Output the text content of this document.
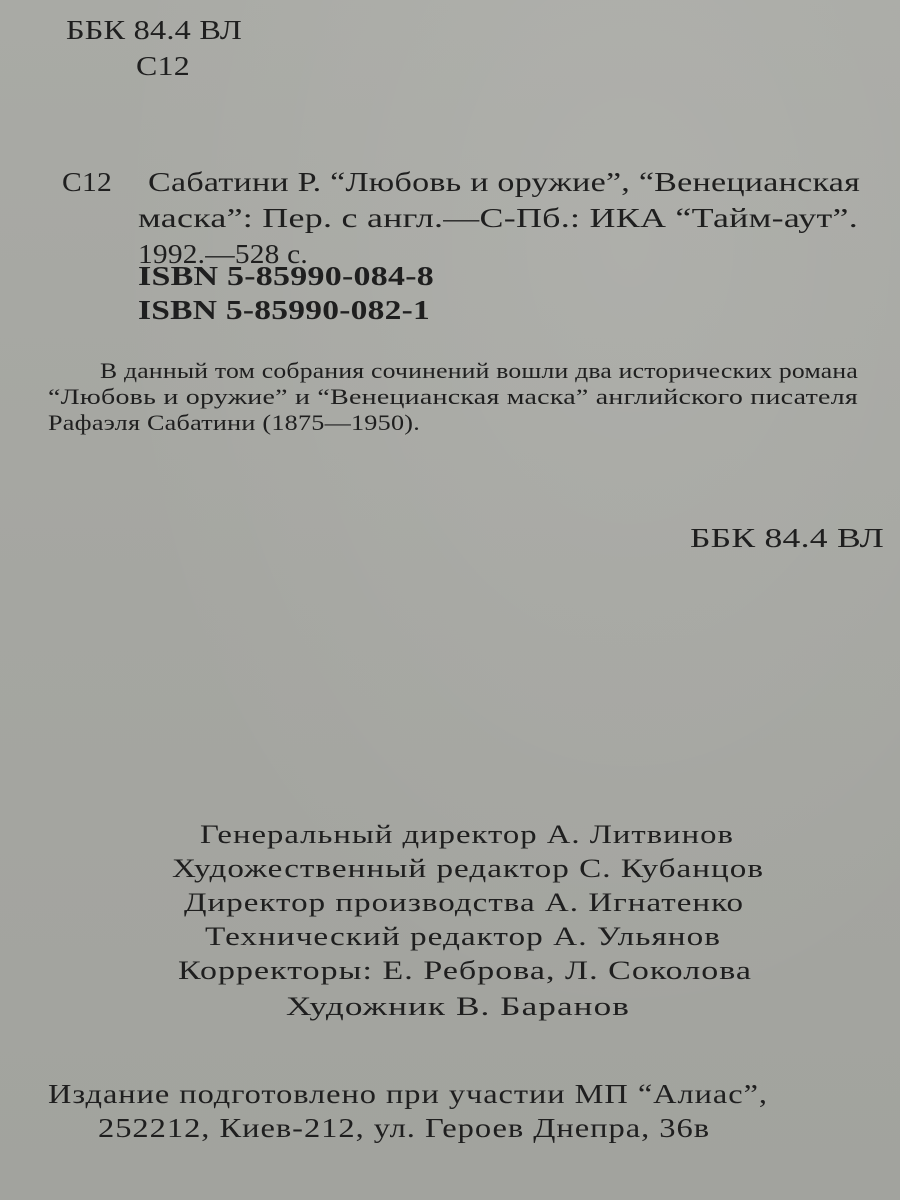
ББК 84.4 ВЛ
С12
С12 Сабатини Р. “Любовь и оружие”, “Венецианская
маска”: Пер. с англ.—С-Пб.: ИКА “Тайм-аут”.
1992.—528 с.
ISBN 5-85990-084-8
ISBN 5-85990-082-1
В данный том собрания сочинений вошли два исторических романа
“Любовь и оружие” и “Венецианская маска” английского писателя
Рафаэля Сабатини (1875—1950).
ББК 84.4 ВЛ
Генеральный директор А. Литвинов
Художественный редактор С. Кубанцов
Директор производства А. Игнатенко
Технический редактор А. Ульянов
Корректоры: Е. Реброва, Л. Соколова
Художник В. Баранов
Издание подготовлено при участии МП “Алиас”,
252212, Киев-212, ул. Героев Днепра, 36в
